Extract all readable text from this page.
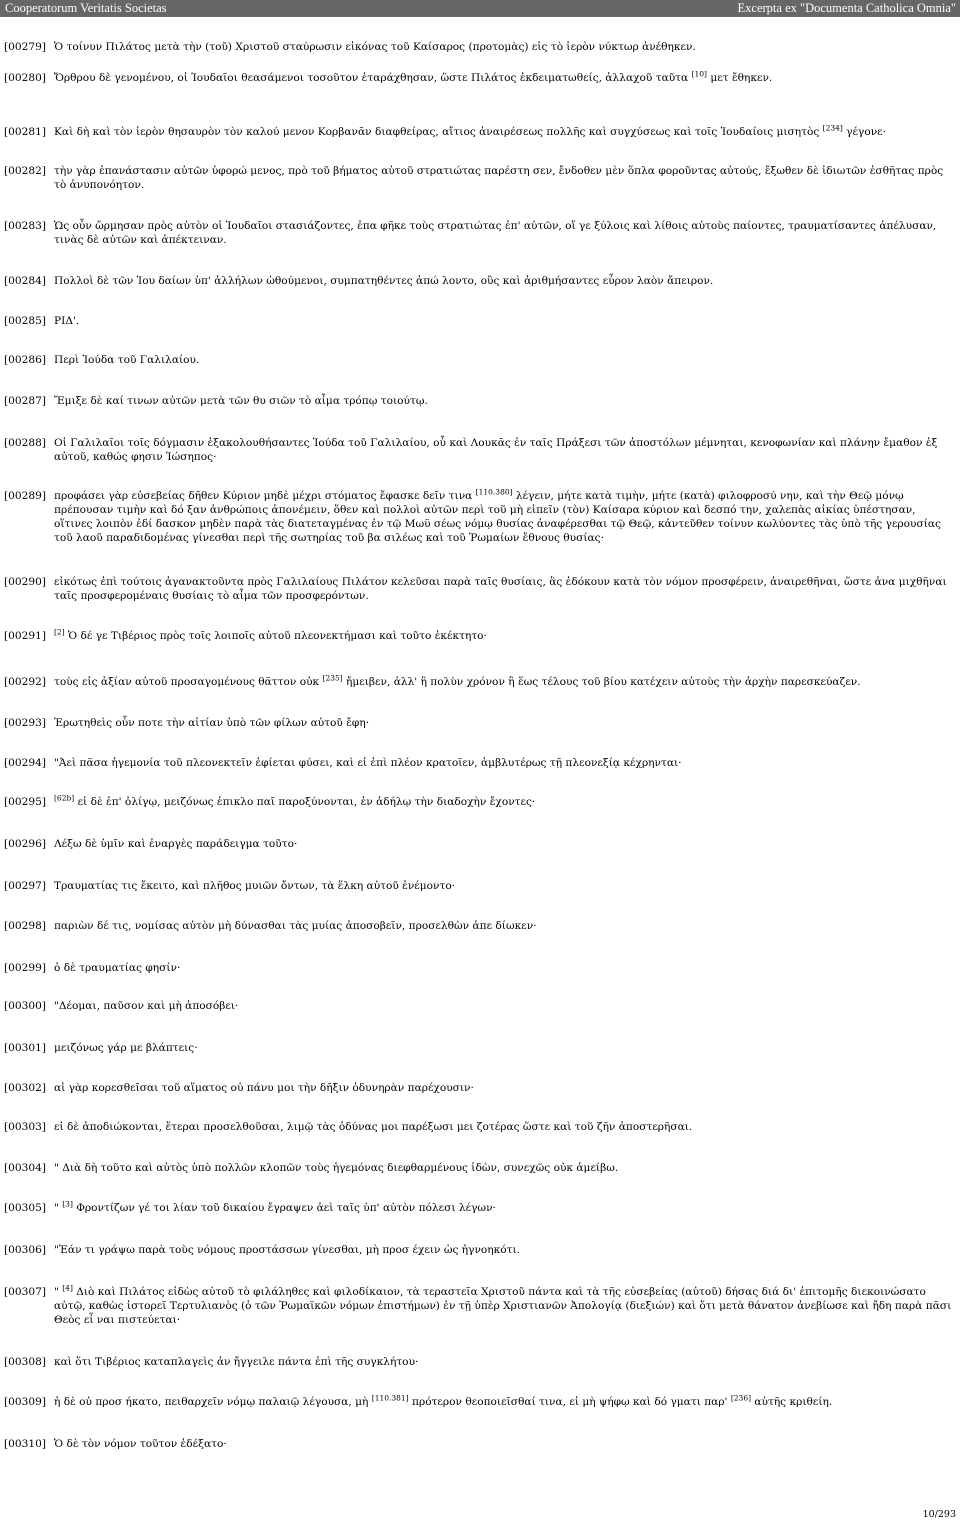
Cooperatorum Veritatis Societas	Excerpta ex "Documenta Catholica Omnia"
[00279] Ὁ τοίνυν Πιλάτος μετὰ τὴν (τοῦ) Χριστοῦ σταύρωσιν εἰκόνας τοῦ Καίσαρος (προτομὰς) εἰς τὸ ἱερὸν νύκτωρ ἀνέθηκεν.
[00280] Ὄρθρου δὲ γενομένου, οἱ Ἰουδαῖοι θεασάμενοι τοσοῦτον ἐταράχθησαν, ὥστε Πιλάτος ἐκδειματωθείς, ἀλλαχοῦ ταῦτα [10] μετ ἔθηκεν.
[00281] Καὶ δὴ καὶ τὸν ἱερὸν θησαυρὸν τὸν καλού μενον Κορβανᾶν διαφθείρας, αἴτιος ἀναιρέσεως πολλῆς καὶ συγχύσεως καὶ τοῖς Ἰουδαίοις μισητὸς [234] γέγονε·
[00282] τὴν γὰρ ἐπανάστασιν αὐτῶν ὑφορώ μενος, πρὸ τοῦ βήματος αὐτοῦ στρατιώτας παρέστη σεν, ἔνδοθεν μὲν ὅπλα φοροῦντας αὐτούς, ἔξωθεν δὲ ἰδιωτῶν ἐσθῆτας πρὸς τὸ ἀνυπονόητον.
[00283] Ὡς οὖν ὥρμησαν πρὸς αὐτὸν οἱ Ἰουδαῖοι στασιάζοντες, ἐπα φῆκε τοὺς στρατιώτας ἐπ' αὐτῶν, οἵ γε ξύλοις καὶ λίθοις αὐτοὺς παίοντες, τραυματίσαντες ἀπέλυσαν, τινὰς δὲ αὐτῶν καὶ ἀπέκτειναν.
[00284] Πολλοὶ δὲ τῶν Ἰου δαίων ὑπ' ἀλλήλων ὠθούμενοι, συμπατηθέντες ἀπώ λοντο, οὓς καὶ ἀριθμήσαντες εὗρον λαὸν ἄπειρον.
[00285] ΡΙΔ'.
[00286] Περὶ Ἰούδα τοῦ Γαλιλαίου.
[00287] Ἔμιξε δὲ καί τινων αὐτῶν μετὰ τῶν θυ σιῶν τὸ αἷμα τρόπῳ τοιούτῳ.
[00288] Οἱ Γαλιλαῖοι τοῖς δόγμασιν ἐξακολουθήσαντες Ἰούδα τοῦ Γαλιλαίου, οὗ καὶ Λουκᾶς ἐν ταῖς Πράξεσι τῶν ἀποστόλων μέμνηται, κενοφωνίαν καὶ πλάνην ἔμαθον ἐξ αὐτοῦ, καθώς φησιν Ἰώσηπος·
[00289] προφάσει γὰρ εὐσεβείας δῆθεν Κύριον μηδὲ μέχρι στόματος ἔφασκε δεῖν τινα [110.380] λέγειν, μήτε κατὰ τιμὴν, μήτε (κατὰ) φιλοφροσύ νην, καὶ τὴν Θεῷ μόνῳ πρέπουσαν τιμὴν καὶ δό ξαν ἀνθρώποις ἀπονέμειν, ὅθεν καὶ πολλοὶ αὐτῶν περὶ τοῦ μὴ εἰπεῖν (τὸν) Καίσαρα κύριον καὶ δεσπό την, χαλεπὰς αἰκίας ὑπέστησαν, οἵτινες λοιπὸν ἐδί δασκον μηδὲν παρὰ τὰς διατεταγμένας ἐν τῷ Μωϋ σέως νόμῳ θυσίας ἀναφέρεσθαι τῷ Θεῷ, κἀντεῦθεν τοίνυν κωλύοντες τὰς ὑπὸ τῆς γερουσίας τοῦ λαοῦ παραδιδομένας γίνεσθαι περὶ τῆς σωτηρίας τοῦ βα σιλέως καὶ τοῦ Ῥωμαίων ἔθνους θυσίας·
[00290] εἰκότως ἐπὶ τούτοις ἀγανακτοῦντα πρὸς Γαλιλαίους Πιλάτον κελεῦσαι παρὰ ταῖς θυσίαις, ἃς ἐδόκουν κατὰ τὸν νόμον προσφέρειν, ἀναιρεθῆναι, ὥστε ἀνα μιχθῆναι ταῖς προσφερομέναις θυσίαις τὸ αἷμα τῶν προσφερόντων.
[00291] [2] Ὁ δέ γε Τιβέριος πρὸς τοῖς λοιποῖς αὐτοῦ πλεονεκτήμασι καὶ τοῦτο ἐκέκτητο·
[00292] τοὺς εἰς ἀξίαν αὐτοῦ προσαγομένους θᾶττον οὐκ [235] ἤμειβεν, ἀλλ' ἢ πολὺν χρόνον ἢ ἕως τέλους τοῦ βίου κατέχειν αὐτοὺς τὴν ἀρχὴν παρεσκεύαζεν.
[00293] Ἐρωτηθεὶς οὖν ποτε τὴν αἰτίαν ὑπὸ τῶν φίλων αὐτοῦ ἔφη·
[00294] "Ἀεὶ πᾶσα ἡγεμονία τοῦ πλεονεκτεῖν ἐφίεται φύσει, καὶ εἰ ἐπὶ πλέον κρατοῖεν, ἀμβλυτέρως τῇ πλεονεξίᾳ κέχρηνται·
[00295] [62b] εἰ δὲ ἐπ' ὀλίγῳ, μειζόνως ἐπικλο παῖ παροξύνονται, ἐν ἀδήλῳ τὴν διαδοχὴν ἔχοντες·
[00296] Λέξω δὲ ὑμῖν καὶ ἐναργὲς παράδειγμα τοῦτο·
[00297] Τραυματίας τις ἔκειτο, καὶ πλῆθος μυιῶν ὄντων, τὰ ἕλκη αὐτοῦ ἐνέμοντο·
[00298] παριὼν δέ τις, νομίσας αὐτὸν μὴ δύνασθαι τὰς μυίας ἀποσοβεῖν, προσελθὼν ἀπε δίωκεν·
[00299] ὁ δὲ τραυματίας φησίν·
[00300] "Δέομαι, παῦσον καὶ μὴ ἀποσόβει·
[00301] μειζόνως γάρ με βλάπτεις·
[00302] αἱ γὰρ κορεσθεῖσαι τοῦ αἵματος οὐ πάνυ μοι τὴν δῆξιν ὀδυνηρὰν παρέχουσιν·
[00303] εἰ δὲ ἀποδιώκονται, ἕτεραι προσελθοῦσαι, λιμῷ τὰς ὀδύνας μοι παρέξωσι μει ζοτέρας ὥστε καὶ τοῦ ζῆν ἀποστερῆσαι.
[00304] " Διὰ δὴ τοῦτο καὶ αὐτὸς ὑπὸ πολλῶν κλοπῶν τοὺς ἡγεμόνας διεφθαρμένους ἰδὼν, συνεχῶς οὐκ ἀμείβω.
[00305] " [3] Φροντίζων γέ τοι λίαν τοῦ δικαίου ἔγραψεν ἀεὶ ταῖς ὑπ' αὐτὸν πόλεσι λέγων·
[00306] "Ἐάν τι γράψω παρὰ τοὺς νόμους προστάσσων γίνεσθαι, μὴ προσ έχειν ὡς ἠγνοηκότι.
[00307] " [4] Διὸ καὶ Πιλάτος εἰδὼς αὐτοῦ τὸ φιλάληθες καὶ φιλοδίκαιον, τὰ τεραστεῖα Χριστοῦ πάντα καὶ τὰ τῆς εὐσεβείας (αὐτοῦ) δήσας διά δι' ἐπιτομῆς διεκοινώσατο αὐτῷ, καθὼς ἱστορεῖ Τερτυλιανὸς (ὁ τῶν Ῥωμαϊκῶν νόμων ἐπιστήμων) ἐν τῇ ὑπὲρ Χριστιανῶν Ἀπολογίᾳ (διεξιών) καὶ ὅτι μετὰ θάνατον ἀνεβίωσε καὶ ἤδη παρὰ πᾶσι Θεὸς εἶ ναι πιστεύεται·
[00308] καὶ ὅτι Τιβέριος καταπλαγεὶς ἀν ἤγγειλε πάντα ἐπὶ τῆς συγκλήτου·
[00309] ἡ δὲ οὐ προσ ήκατο, πειθαρχεῖν νόμῳ παλαιῷ λέγουσα, μὴ [110.381] πρότερον θεοποιεῖσθαί τινα, εἰ μὴ ψήφῳ καὶ δό γματι παρ' [236] αὐτῆς κριθείη.
[00310] Ὁ δὲ τὸν νόμον τοῦτον ἐδέξατο·
10/293
